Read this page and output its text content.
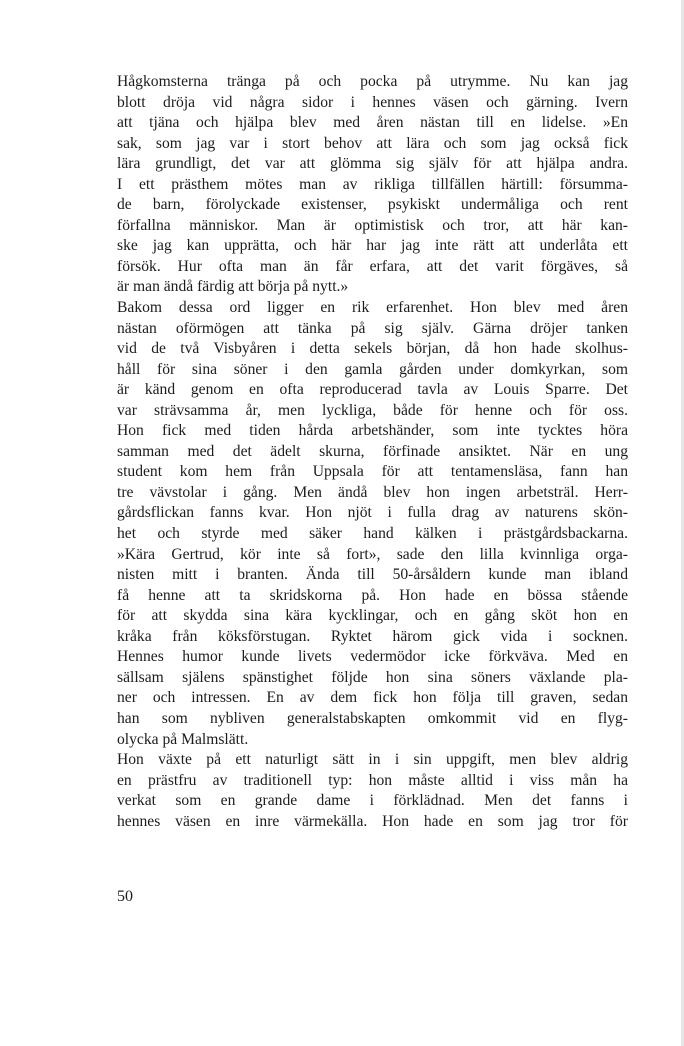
Hågkomsterna tränga på och pocka på utrymme. Nu kan jag
blott dröja vid några sidor i hennes väsen och gärning. Ivern
att tjäna och hjälpa blev med åren nästan till en lidelse. »En
sak, som jag var i stort behov att lära och som jag också fick
lära grundligt, det var att glömma sig själv för att hjälpa andra.
I ett prästhem mötes man av rikliga tillfällen härtill: försumma-
de barn, förolyckade existenser, psykiskt undermåliga och rent
förfallna människor. Man är optimistisk och tror, att här kan-
ske jag kan upprätta, och här har jag inte rätt att underlåta ett
försök. Hur ofta man än får erfara, att det varit förgäves, så
är man ändå färdig att börja på nytt.»
Bakom dessa ord ligger en rik erfarenhet. Hon blev med åren
nästan oförmögen att tänka på sig själv. Gärna dröjer tanken
vid de två Visbyåren i detta sekels början, då hon hade skolhus-
håll för sina söner i den gamla gården under domkyrkan, som
är känd genom en ofta reproducerad tavla av Louis Sparre. Det
var strävsamma år, men lyckliga, både för henne och för oss.
Hon fick med tiden hårda arbetshänder, som inte tycktes höra
samman med det ädelt skurna, förfinade ansiktet. När en ung
student kom hem från Uppsala för att tentamensläsa, fann han
tre vävstolar i gång. Men ändå blev hon ingen arbetsträl. Herr-
gårdsflickan fanns kvar. Hon njöt i fulla drag av naturens skön-
het och styrde med säker hand kälken i prästgårdsbackarna.
»Kära Gertrud, kör inte så fort», sade den lilla kvinnliga orga-
nisten mitt i branten. Ända till 50-årsåldern kunde man ibland
få henne att ta skridskorna på. Hon hade en bössa stående
för att skydda sina kära kycklingar, och en gång sköt hon en
kråka från köksförstugan. Ryktet härom gick vida i socknen.
Hennes humor kunde livets vedermödor icke förkväva. Med en
sällsam själens spänstighet följde hon sina söners växlande pla-
ner och intressen. En av dem fick hon följa till graven, sedan
han som nybliven generalstabskapten omkommit vid en flyg-
olycka på Malmslätt.
Hon växte på ett naturligt sätt in i sin uppgift, men blev aldrig
en prästfru av traditionell typ: hon måste alltid i viss mån ha
verkat som en grande dame i förklädnad. Men det fanns i
hennes väsen en inre värmekälla. Hon hade en som jag tror för
50
